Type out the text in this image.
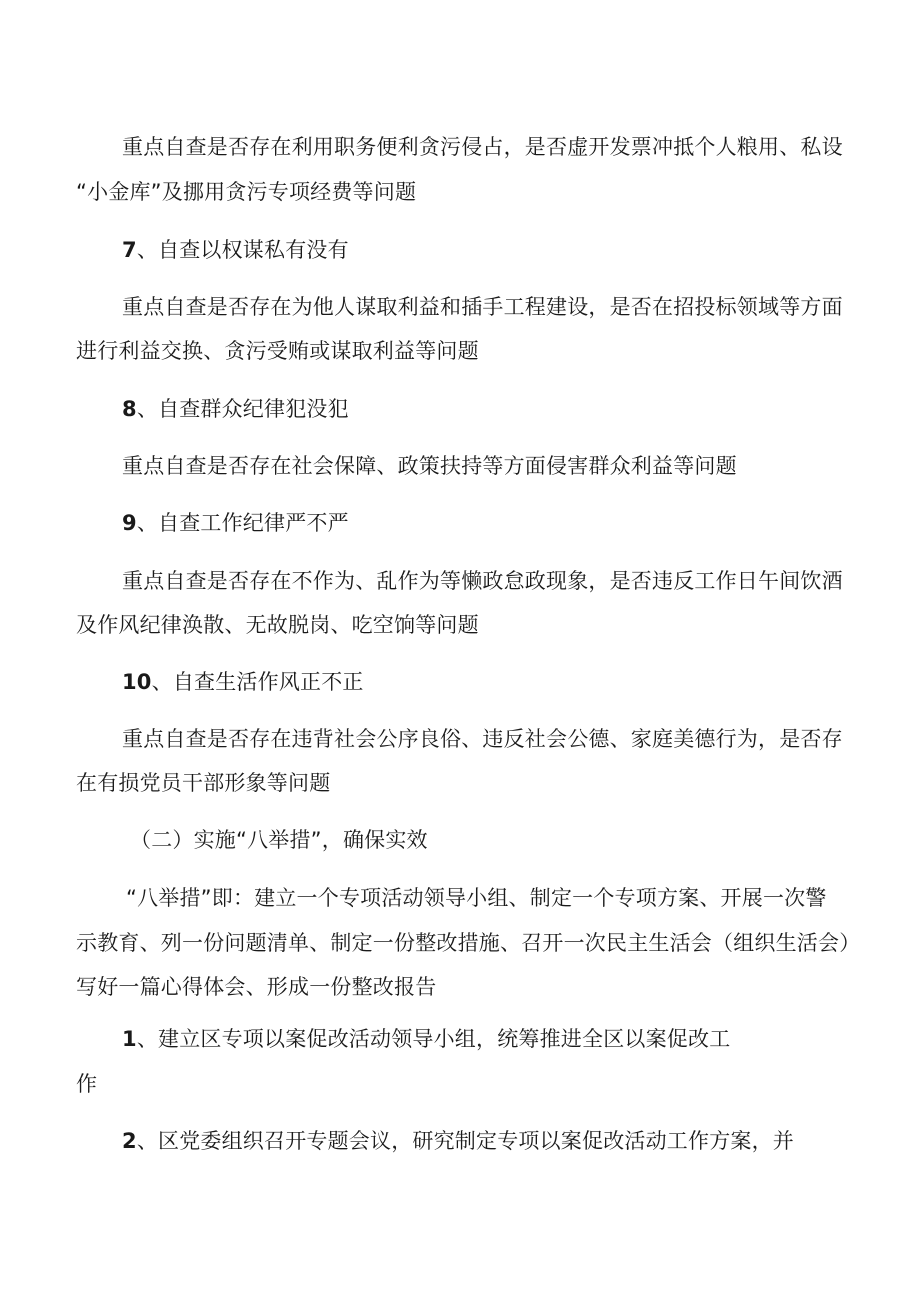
重点自查是否存在利用职务便利贪污侵占，是否虚开发票冲抵个人粮用、私设
“小金库”及挪用贪污专项经费等问题
7、自查以权谋私有没有
重点自查是否存在为他人谋取利益和插手工程建设，是否在招投标领域等方面
进行利益交换、贪污受贿或谋取利益等问题
8、自查群众纪律犯没犯
重点自查是否存在社会保障、政策扶持等方面侵害群众利益等问题
9、自查工作纪律严不严
重点自查是否存在不作为、乱作为等懒政怠政现象，是否违反工作日午间饮酒
及作风纪律涣散、无故脱岗、吃空饷等问题
10、自查生活作风正不正
重点自查是否存在违背社会公序良俗、违反社会公德、家庭美德行为，是否存
在有损党员干部形象等问题
（二）实施“八举措”，确保实效
“八举措”即：建立一个专项活动领导小组、制定一个专项方案、开展一次警
示教育、列一份问题清单、制定一份整改措施、召开一次民主生活会（组织生活会）
写好一篇心得体会、形成一份整改报告
1、建立区专项以案促改活动领导小组，统筹推进全区以案促改工
作
2、区党委组织召开专题会议，研究制定专项以案促改活动工作方案，并
